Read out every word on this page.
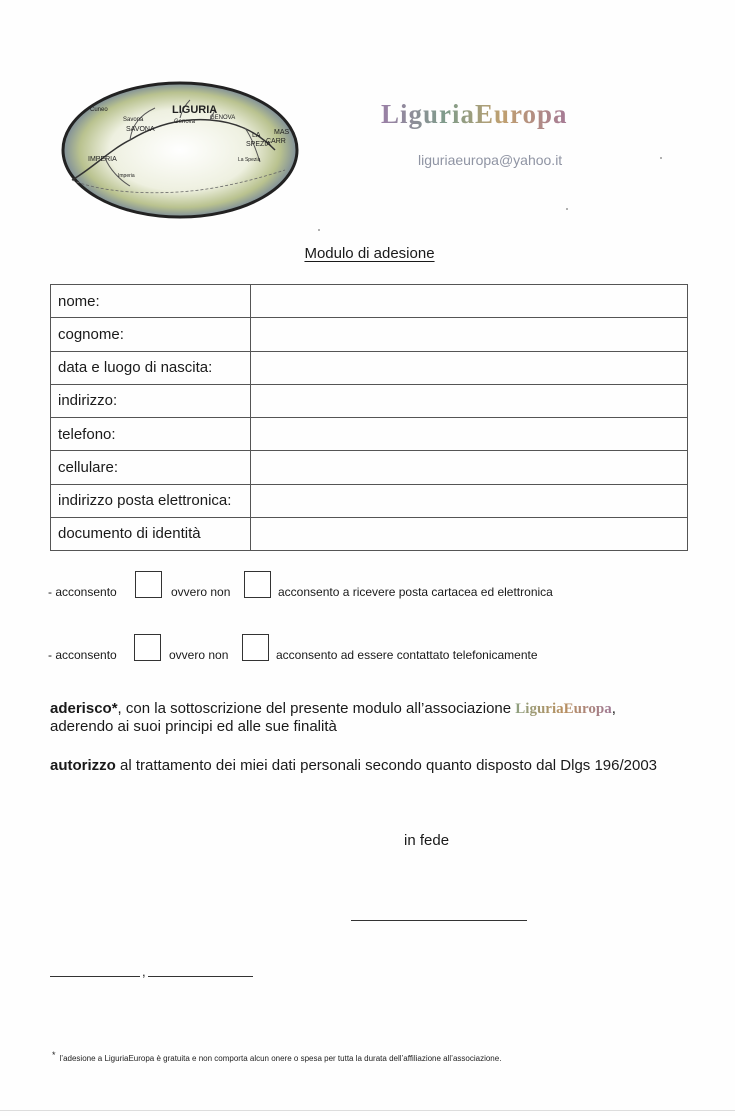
LIGURIA
Cuneo
Savona
SAVONA
Genova
GENOVA
IMPERIA
Imperia
LA
SPEZIA
La Spezia
MAS
CARR
LiguriaEuropa
liguriaeuropa@yahoo.it
Modulo di adesione
nome:	
cognome:	
data e luogo di nascita:	
indirizzo:	
telefono:	
cellulare:	
indirizzo posta elettronica:	
documento di identità	
- acconsento	ovvero non	acconsento a ricevere posta cartacea ed elettronica
- acconsento	ovvero non	acconsento ad essere contattato telefonicamente
aderisco*, con la sottoscrizione del presente modulo all’associazione LiguriaEuropa,
aderendo ai suoi principi ed alle sue finalità
autorizzo al trattamento dei miei dati personali secondo quanto disposto dal Dlgs 196/2003
in fede
,
* l’adesione a LiguriaEuropa è gratuita e non comporta alcun onere o spesa per tutta la durata dell’affiliazione all’associazione.
